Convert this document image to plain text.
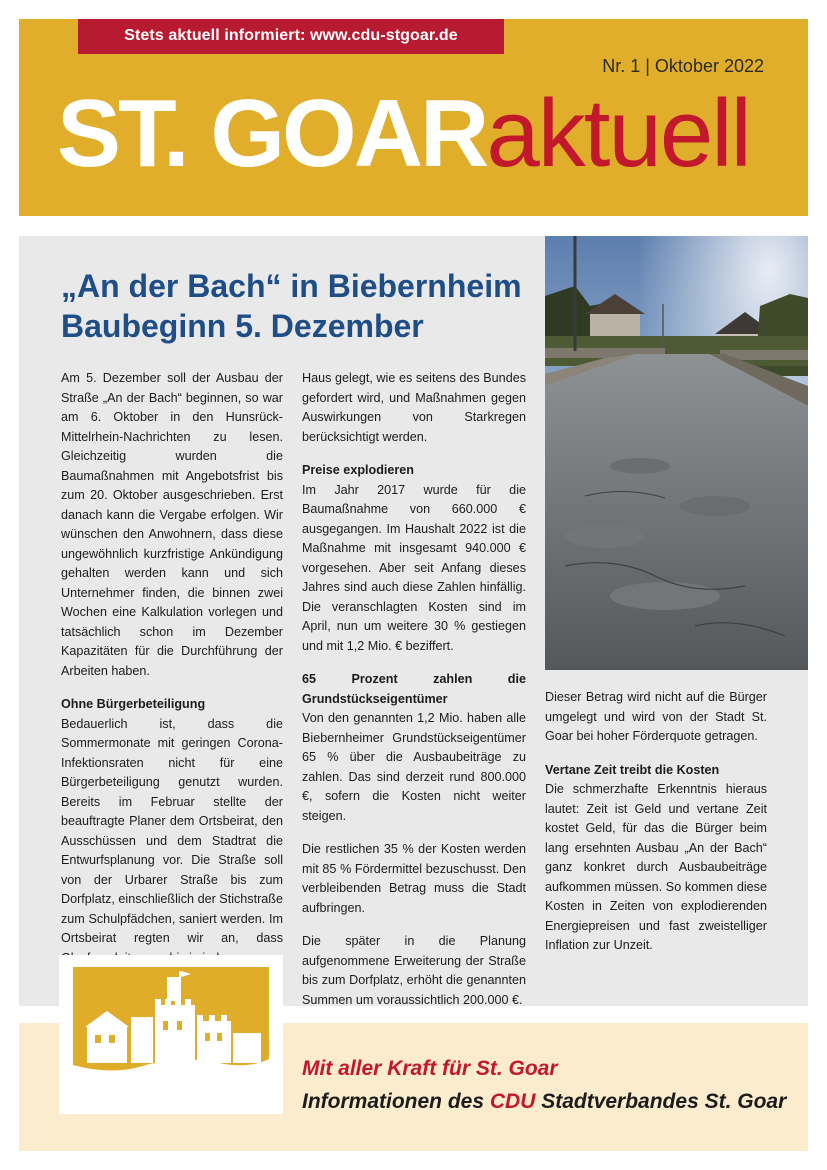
Stets aktuell informiert: www.cdu-stgoar.de
Nr. 1 | Oktober 2022
ST. GOARaktuell
„An der Bach“ in Biebernheim
Baubeginn 5. Dezember

Am 5. Dezember soll der Ausbau der Straße „An der Bach“ beginnen, so war am 6. Oktober in den Hunsrück-Mittelrhein-Nachrichten zu lesen. Gleichzeitig wurden die Baumaßnahmen mit Angebotsfrist bis zum 20. Oktober ausgeschrieben. Erst danach kann die Vergabe erfolgen. Wir wünschen den Anwohnern, dass diese ungewöhnlich kurzfristige Ankündigung gehalten werden kann und sich Unternehmer finden, die binnen zwei Wochen eine Kalkulation vorlegen und tatsächlich schon im Dezember Kapazitäten für die Durchführung der Arbeiten haben.

Ohne Bürgerbeteiligung

Bedauerlich ist, dass die Sommermonate mit geringen Corona-Infektionsraten nicht für eine Bürgerbeteiligung genutzt wurden. Bereits im Februar stellte der beauftragte Planer dem Ortsbeirat, den Ausschüssen und dem Stadtrat die Entwurfsplanung vor. Die Straße soll von der Urbarer Straße bis zum Dorfplatz, einschließlich der Stichstraße zum Schulpfädchen, saniert werden. Im Ortsbeirat regten wir an, dass

Haus gelegt, wie es seitens des Bundes gefordert wird, und Maßnahmen gegen Auswirkungen von Starkregen berücksichtigt werden.

Preise explodieren

Im Jahr 2017 wurde für die Baumaßnahme von 660.000 € ausgegangen. Im Haushalt 2022 ist die Maßnahme mit insgesamt 940.000 € vorgesehen. Aber seit Anfang dieses Jahres sind auch diese Zahlen hinfällig. Die veranschlagten Kosten sind im April, nun um weitere 30 % gestiegen und mit 1,2 Mio. € beziffert.

65 Prozent zahlen die Grundstückseigentümer

Von den genannten 1,2 Mio. haben alle Biebernheimer Grundstückseigentümer 65 % über die Ausbaubeiträge zu zahlen. Das sind derzeit rund 800.000 €, sofern die Kosten nicht weiter steigen.

Die restlichen 35 % der Kosten werden mit 85 % Fördermittel bezuschusst. Den verbleibenden Betrag muss die Stadt aufbringen.

Die später in die Planung aufgenommene Erweiterung der Straße bis zum Dorfplatz, erhöht die genannten Summen um voraussichtlich 200.000 €.

Dieser Betrag wird nicht auf die Bürger umgelegt und wird von der Stadt St. Goar bei hoher Förderquote getragen.

Vertane Zeit treibt die Kosten

Die schmerzhafte Erkenntnis hieraus lautet: Zeit ist Geld und vertane Zeit kostet Geld, für das die Bürger beim lang ersehnten Ausbau „An der Bach“ ganz konkret durch Ausbaubeiträge aufkommen müssen. So kommen diese Kosten in Zeiten von explodierenden Energiepreisen und fast zweistelliger Inflation zur Unzeit.

Mit aller Kraft für St. Goar
Informationen des CDU Stadtverbandes St. Goar
